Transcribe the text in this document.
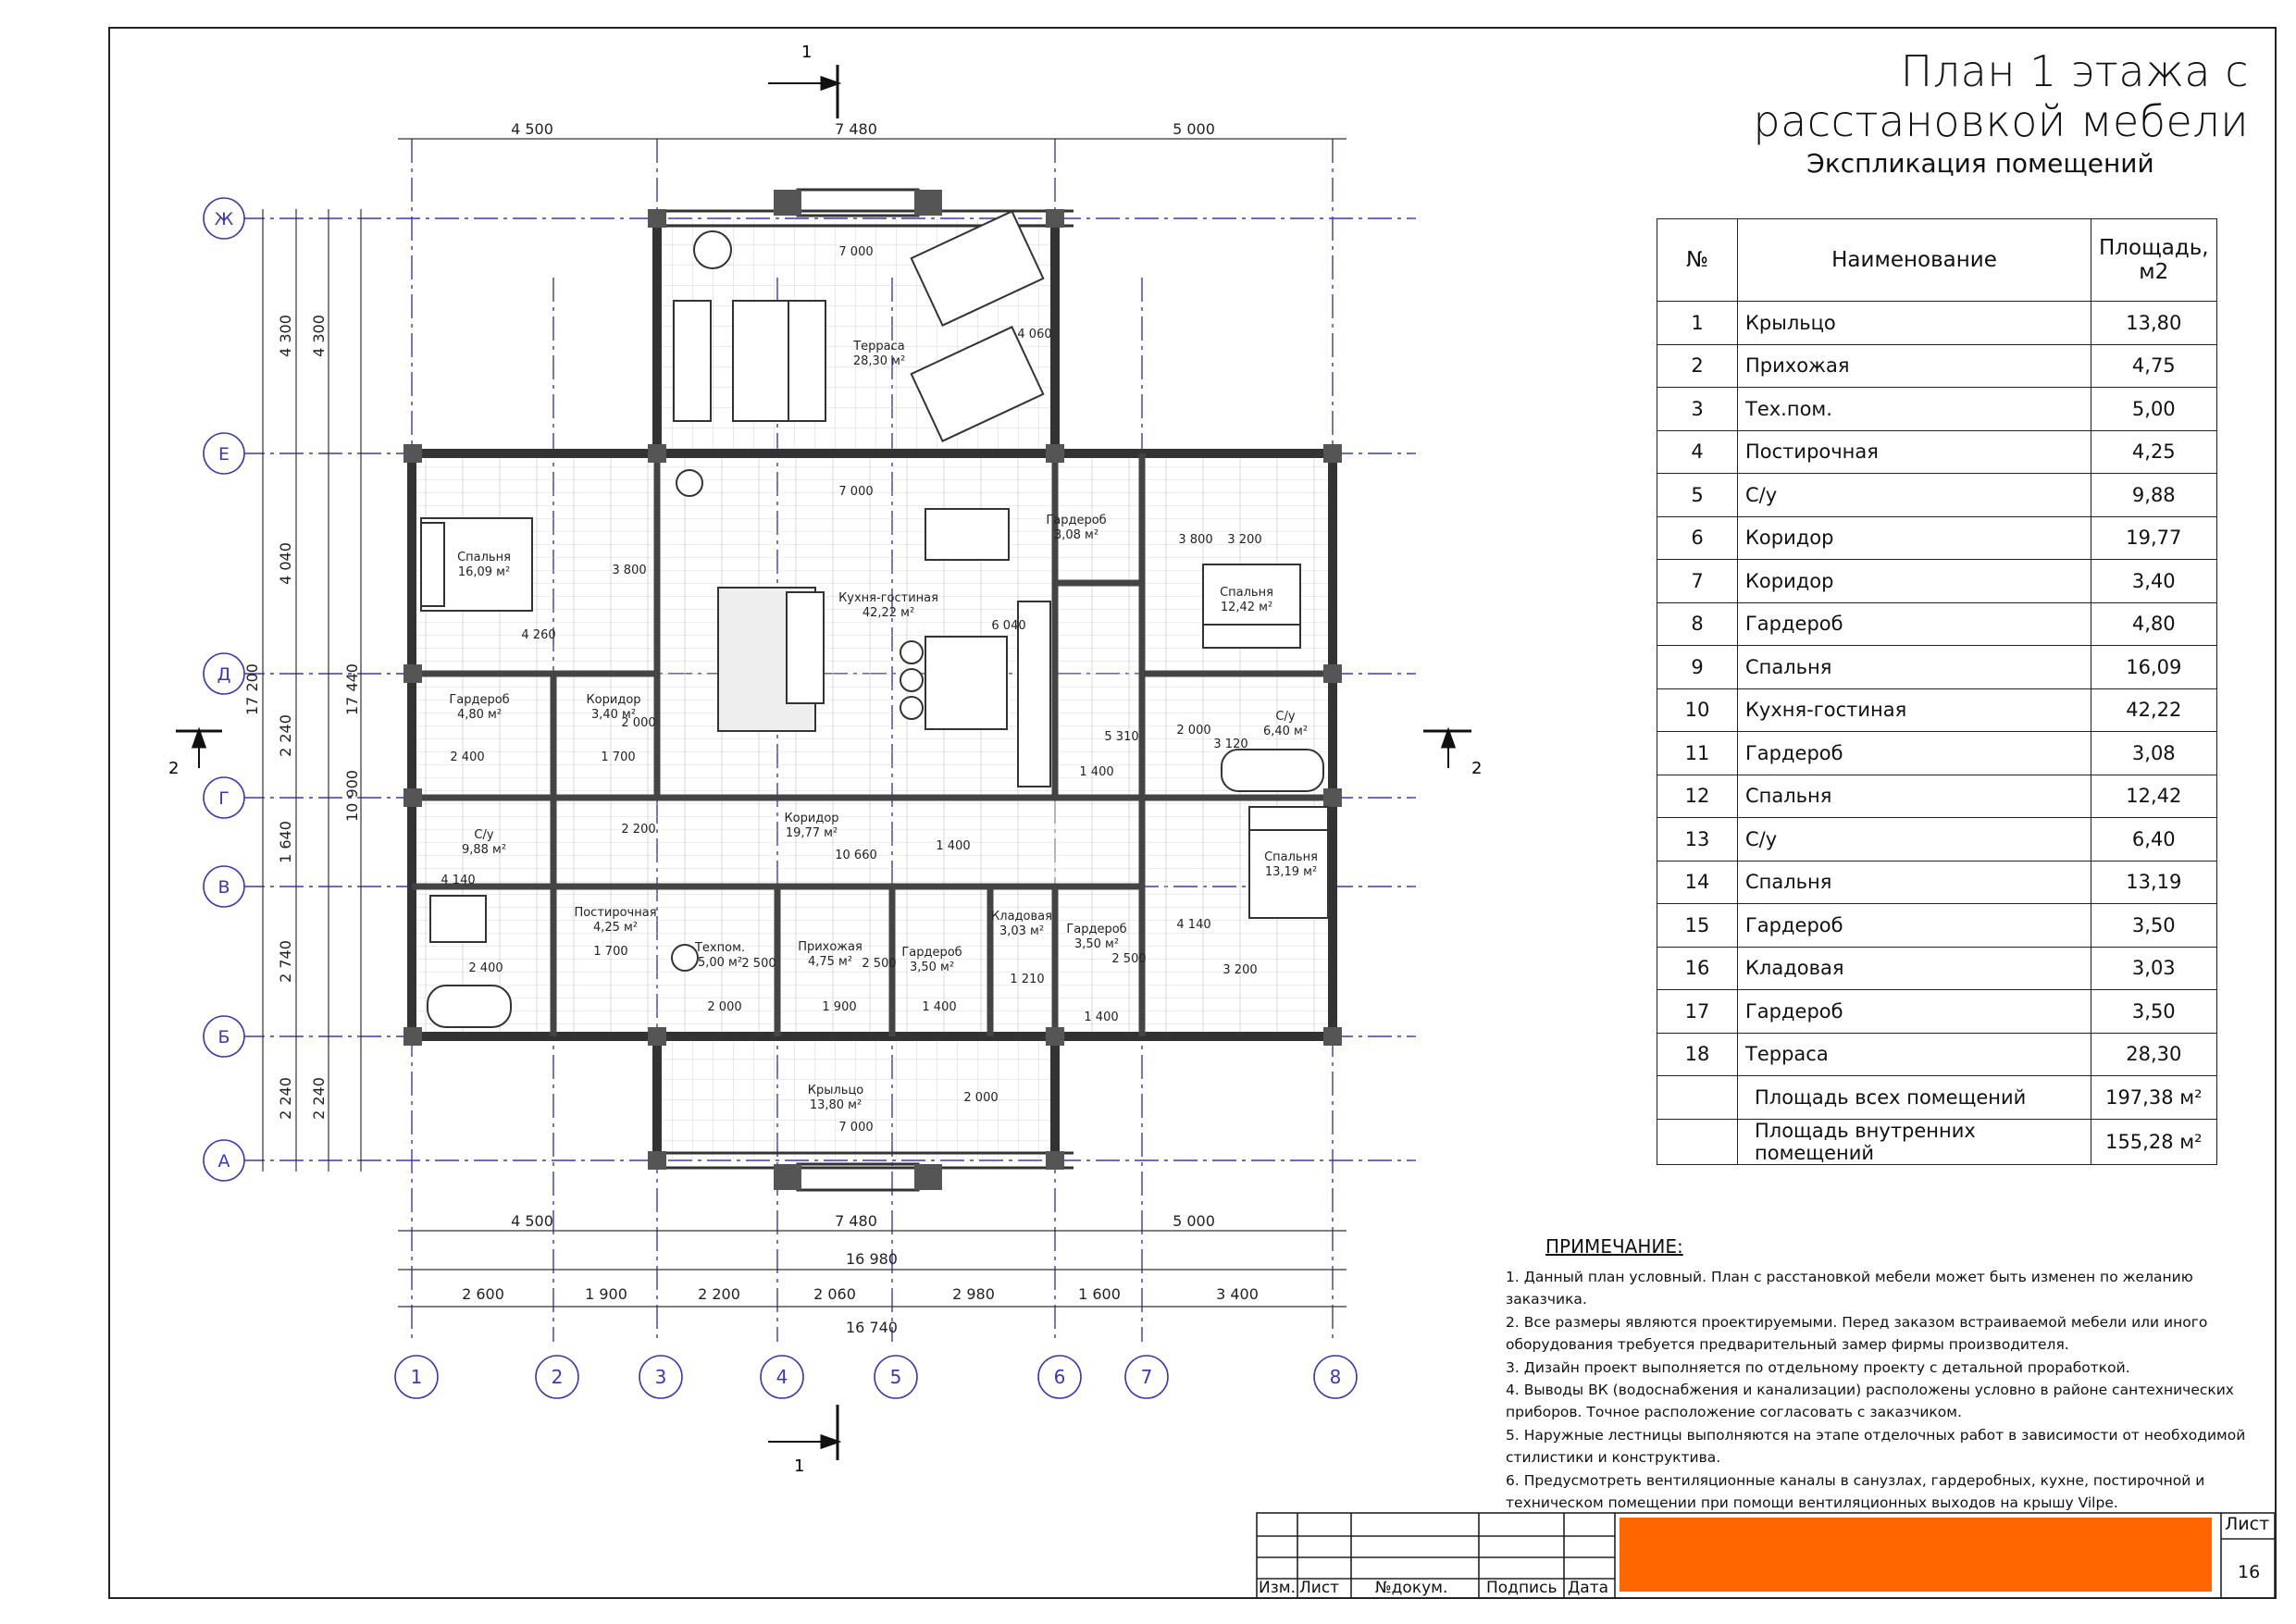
Ж
Е
Д
Г
В
Б
А
1	2	3	4	5	6	7	8
4 500	7 480	5 000
4 500	7 480	5 000
16 980
2 600	1 900	2 200	2 060	2 980	1 600	3 400
16 740
17 200	17 440
10 900
4 300
4 040
2 240
1 640
2 740
2 240
4 300
2 240
7 000
7 000
7 000
4 060
3 800
4 260
2 400	1 700
2 000
2 200
3 800 3 200
6 040
5 310
1 400
3 120
2 000
10 660
1 400
4 140
1 700
2 400	2 500	2 500
2 000	1 900	1 400
1 210
2 500
1 400
4 140
3 200
2 000
Терраса
28,30 м²
Спальня
16,09 м²
Кухня-гостиная
42,22 м²
Гардероб
3,08 м²
Спальня
12,42 м²
Гардероб
4,80 м²
Коридор
3,40 м²	С/у
6,40 м²
С/у
9,88 м²
Коридор
19,77 м²
Спальня
13,19 м²
Постирочная
4,25 м²
Техпом.
5,00 м²
Прихожая
4,75 м²
Гардероб
3,50 м²
Кладовая
3,03 м² Гардероб
3,50 м²
Крыльцо
13,80 м²
1
1
2	2
План 1 этажа с расстановкой мебели
Экспликация помещений
№	Наименование	Площадь,
м2
1	Крыльцо	13,80
2	Прихожая	4,75
3	Тех.пом.	5,00
4	Постирочная	4,25
5	С/у	9,88
6	Коридор	19,77
7	Коридор	3,40
8	Гардероб	4,80
9	Спальня	16,09
10	Кухня-гостиная	42,22
11	Гардероб	3,08
12	Спальня	12,42
13	С/у	6,40
14	Спальня	13,19
15	Гардероб	3,50
16	Кладовая	3,03
17	Гардероб	3,50
18	Терраса	28,30
	Площадь всех помещений	197,38 м²
	Площадь внутренних помещений	155,28 м²
ПРИМЕЧАНИЕ:
1. Данный план условный. План с расстановкой мебели может быть изменен по желанию заказчика.
2. Все размеры являются проектируемыми. Перед заказом встраиваемой мебели или иного оборудования требуется предварительный замер фирмы производителя.
3. Дизайн проект выполняется по отдельному проекту с детальной проработкой.
4. Выводы ВК (водоснабжения и канализации) расположены условно в районе сантехнических приборов. Точное расположение согласовать с заказчиком.
5. Наружные лестницы выполняются на этапе отделочных работ в зависимости от необходимой стилистики и конструктива.
6. Предусмотреть вентиляционные каналы в санузлах, гардеробных, кухне, постирочной и техническом помещении при помощи вентиляционных выходов на крышу Vilpe.
Изм. Лист №докум. Подпись Дата
Лист
16
